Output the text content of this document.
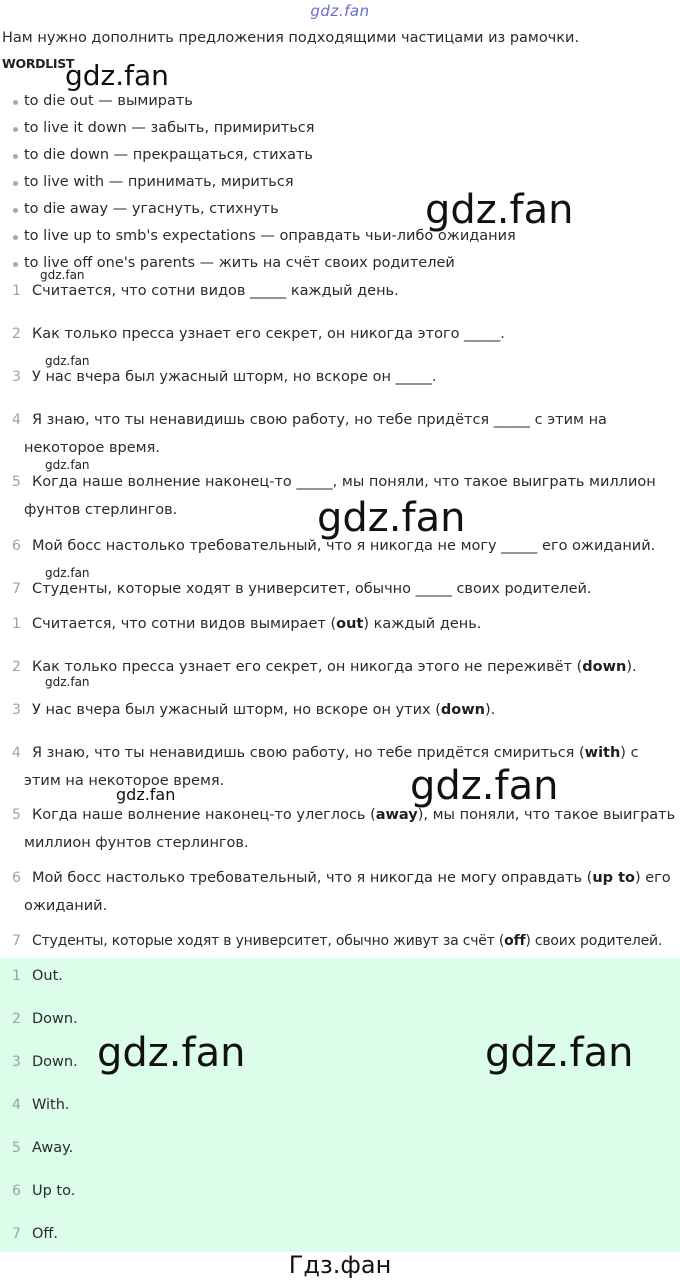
gdz.fan
Нам нужно дополнить предложения подходящими частицами из рамочки.
WORDLIST
to die out — вымирать
to live it down — забыть, примириться
to die down — прекращаться, стихать
to live with — принимать, мириться
to die away — угаснуть, стихнуть
to live up to smb's expectations — оправдать чьи-либо ожидания
to live off one's parents — жить на счёт своих родителей
1 Считается, что сотни видов _____ каждый день.
2 Как только пресса узнает его секрет, он никогда этого _____.
3 У нас вчера был ужасный шторм, но вскоре он _____.
4 Я знаю, что ты ненавидишь свою работу, но тебе придётся _____ с этим на некоторое время.
5 Когда наше волнение наконец-то _____, мы поняли, что такое выиграть миллион фунтов стерлингов.
6 Мой босс настолько требовательный, что я никогда не могу _____ его ожиданий.
7 Студенты, которые ходят в университет, обычно _____ своих родителей.
1 Считается, что сотни видов вымирает (out) каждый день.
2 Как только пресса узнает его секрет, он никогда этого не переживёт (down).
3 У нас вчера был ужасный шторм, но вскоре он утих (down).
4 Я знаю, что ты ненавидишь свою работу, но тебе придётся смириться (with) с этим на некоторое время.
5 Когда наше волнение наконец-то улеглось (away), мы поняли, что такое выиграть миллион фунтов стерлингов.
6 Мой босс настолько требовательный, что я никогда не могу оправдать (up to) его ожиданий.
7 Студенты, которые ходят в университет, обычно живут за счёт (off) своих родителей.
1 Out.
2 Down.
3 Down.
4 With.
5 Away.
6 Up to.
7 Off.
gdz.fan
gdz.fan
gdz.fan
gdz.fan
gdz.fan
gdz.fan
gdz.fan
gdz.fan
gdz.fan
gdz.fan
gdz.fan	gdz.fan
Гдз.фан
